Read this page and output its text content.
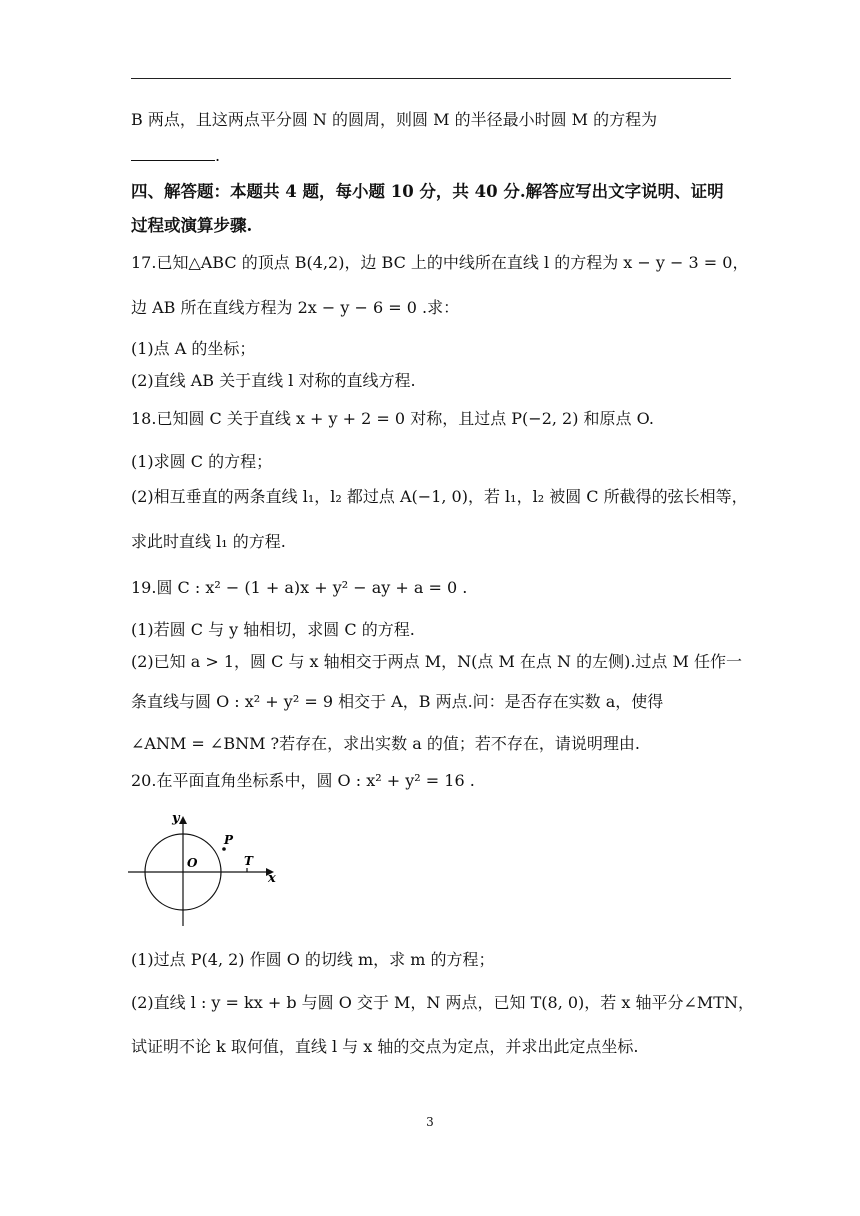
B 两点，且这两点平分圆 N 的圆周，则圆 M 的半径最小时圆 M 的方程为
.
四、解答题：本题共 4 题，每小题 10 分，共 40 分.解答应写出文字说明、证明
过程或演算步骤.
17.已知△ABC 的顶点 B(4,2)，边 BC 上的中线所在直线 l 的方程为 x − y − 3 = 0，
边 AB 所在直线方程为 2x − y − 6 = 0 .求：
(1)点 A 的坐标；
(2)直线 AB 关于直线 l 对称的直线方程.
18.已知圆 C 关于直线 x + y + 2 = 0 对称，且过点 P(−2, 2) 和原点 O.
(1)求圆 C 的方程；
(2)相互垂直的两条直线 l₁，l₂ 都过点 A(−1, 0)，若 l₁，l₂ 被圆 C 所截得的弦长相等，
求此时直线 l₁ 的方程.
19.圆 C : x² − (1 + a)x + y² − ay + a = 0 .
(1)若圆 C 与 y 轴相切，求圆 C 的方程.
(2)已知 a > 1，圆 C 与 x 轴相交于两点 M，N(点 M 在点 N 的左侧).过点 M 任作一
条直线与圆 O : x² + y² = 9 相交于 A，B 两点.问：是否存在实数 a，使得
∠ANM = ∠BNM ?若存在，求出实数 a 的值；若不存在，请说明理由.
20.在平面直角坐标系中，圆 O : x² + y² = 16 .
y
x
O
P
T
(1)过点 P(4, 2) 作圆 O 的切线 m，求 m 的方程；
(2)直线 l : y = kx + b 与圆 O 交于 M，N 两点，已知 T(8, 0)，若 x 轴平分∠MTN，
试证明不论 k 取何值，直线 l 与 x 轴的交点为定点，并求出此定点坐标.
3
